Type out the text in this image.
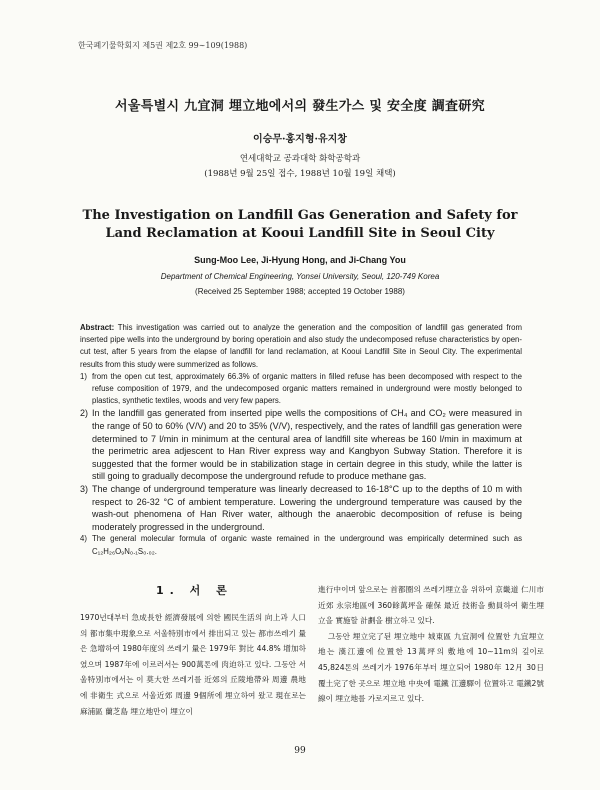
한국폐기물학회지 제5권 제2호 99∼109(1988)
서울특별시 九宜洞 埋立地에서의 發生가스 및 安全度 調査研究
이승무·홍지형·유지창
연세대학교 공과대학 화학공학과
(1988년 9월 25일 접수, 1988년 10월 19일 채택)
The Investigation on Landfill Gas Generation and Safety for
Land Reclamation at Kooui Landfill Site in Seoul City
Sung-Moo Lee, Ji-Hyung Hong, and Ji-Chang You
Department of Chemical Engineering, Yonsei University, Seoul, 120-749 Korea
(Received 25 September 1988; accepted 19 October 1988)

Abstract: This investigation was carried out to analyze the generation and the composition of landfill gas generated from inserted pipe wells into the underground by boring operatioin and also study the undecomposed refuse characteristics by open-cut test, after 5 years from the elapse of landfill for land reclamation, at Kooui Landfill Site in Seoul City. The experimental results from this study were summerized as follows.

1) from the open cut test, approximately 66.3% of organic matters in filled refuse has been decomposed with respect to the refuse composition of 1979, and the undecomposed organic matters remained in underground were mostly belonged to plastics, synthetic textiles, woods and very few papers.
2) In the landfill gas generated from inserted pipe wells the compositions of CH₄ and CO₂ were measured in the range of 50 to 60% (V/V) and 20 to 35% (V/V), respectively, and the rates of landfill gas generation were determined to 7 l/min in minimum at the centural area of landfill site whereas be 160 l/min in maximum at the perimetric area adjescent to Han River express way and Kangbyon Subway Station. Therefore it is suggested that the former would be in stabilization stage in certain degree in this study, while the latter is still going to gradually decompose the underground refude to produce methane gas.
3) The change of underground temperature was linearly decreased to 16-18°C up to the depths of 10 m with respect to 26-32 °C of ambient temperature. Lowering the underground temperature was caused by the wash-out phenomena of Han River water, although the anaerobic decomposition of refuse is being moderately progressed in the underground.
4) The general molecular formula of organic waste remained in the underground was empirically determined such as C₁₂H₂₆O₉N₀.₁S₀.₀₂.
1. 서 론

1970년대부터 急成長한 經濟發展에 의한 國民生活의 向上과 人口의 都市集中現象으로 서울特別市에서 排出되고 있는 都市쓰레기 量은 急增하여 1980年度의 쓰레기 量은 1979年 對比 44.8% 增加하였으며 1987年에 이르러서는 900萬톤에 肉迫하고 있다. 그동안 서울特別市에서는 이 莫大한 쓰레기를 近郊의 丘陵地帶와 周邊 農地에 非衛生 式으로 서울近郊 周邊 9個所에 埋立하여 왔고 現在로는 麻浦區 蘭芝島 埋立地만이 埋立이

進行中이며 앞으로는 首都圈의 쓰레기埋立을 위하여 京畿道 仁川市 近郊 永宗地區에 360餘萬坪을 確保 最近 技術을 動員하여 衛生埋立을 實施할 計劃을 樹立하고 있다.

그동안 埋立完了된 埋立地中 城東區 九宜洞에 位置한 九宜埋立地는 漢江邊에 位置한 13萬坪의 敷地에 10∼11m의 깊이로 45,824톤의 쓰레기가 1976年부터 埋立되어 1980年 12月 30日 覆土完了한 곳으로 埋立地 中央에 電鐵 江邊驛이 位置하고 電鐵2號線이 埋立地를 가로지르고 있다.

99
